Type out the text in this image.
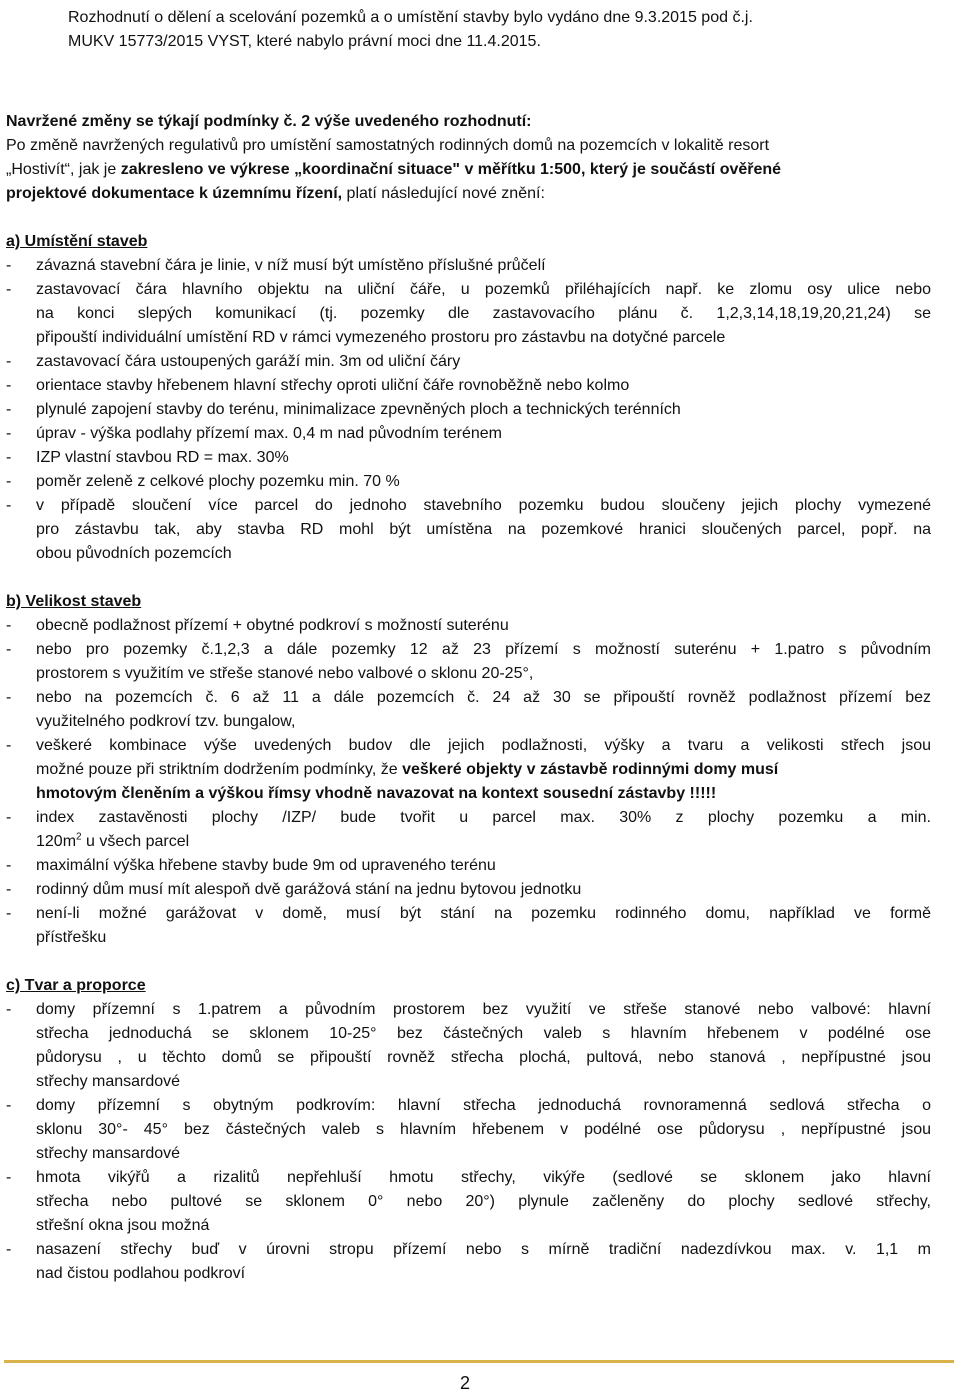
Rozhodnutí o dělení a scelování pozemků a o umístění stavby bylo vydáno dne 9.3.2015 pod č.j.
MUKV 15773/2015 VYST, které nabylo právní moci dne 11.4.2015.
Navržené změny se týkají podmínky č. 2 výše uvedeného rozhodnutí:
Po změně navržených regulativů pro umístění samostatných rodinných domů na pozemcích v lokalitě resort
„Hostivít“, jak je zakresleno ve výkrese „koordinační situace" v měřítku 1:500, který je součástí ověřené
projektové dokumentace k územnímu řízení, platí následující nové znění:
a) Umístění staveb
-	závazná stavební čára je linie, v níž musí být umístěno příslušné průčelí
-	zastavovací čára hlavního objektu na uliční čáře, u pozemků přiléhajících např. ke zlomu osy ulice nebo
na konci slepých komunikací (tj. pozemky dle zastavovacího plánu č. 1,2,3,14,18,19,20,21,24) se
připouští individuální umístění RD v rámci vymezeného prostoru pro zástavbu na dotyčné parcele
-	zastavovací čára ustoupených garáží min. 3m od uliční čáry
-	orientace stavby hřebenem hlavní střechy oproti uliční čáře rovnoběžně nebo kolmo
-	plynulé zapojení stavby do terénu, minimalizace zpevněných ploch a technických terénních
-	úprav - výška podlahy přízemí max. 0,4 m nad původním terénem
-	IZP vlastní stavbou RD = max. 30%
-	poměr zeleně z celkové plochy pozemku min. 70 %
-	v případě sloučení více parcel do jednoho stavebního pozemku budou sloučeny jejich plochy vymezené
pro zástavbu tak, aby stavba RD mohl být umístěna na pozemkové hranici sloučených parcel, popř. na
obou původních pozemcích
b) Velikost staveb
-	obecně podlažnost přízemí + obytné podkroví s možností suterénu
-	nebo pro pozemky č.1,2,3 a dále pozemky 12 až 23 přízemí s možností suterénu + 1.patro s původním
prostorem s využitím ve střeše stanové nebo valbové o sklonu 20-25°,
-	nebo na pozemcích č. 6 až 11 a dále pozemcích č. 24 až 30 se připouští rovněž podlažnost přízemí bez
využitelného podkroví tzv. bungalow,
-	veškeré kombinace výše uvedených budov dle jejich podlažnosti, výšky a tvaru a velikosti střech jsou
možné pouze při striktním dodržením podmínky, že veškeré objekty v zástavbě rodinnými domy musí
hmotovým členěním a výškou římsy vhodně navazovat na kontext sousední zástavby !!!!!
-	index zastavěnosti plochy /IZP/ bude tvořit u parcel max. 30% z plochy pozemku a min.
$120m^2$ u všech parcel
-	maximální výška hřebene stavby bude 9m od upraveného terénu
-	rodinný dům musí mít alespoň dvě garážová stání na jednu bytovou jednotku
-	není-li možné garážovat v domě, musí být stání na pozemku rodinného domu, například ve formě
přístřešku
c) Tvar a proporce
-	domy přízemní s 1.patrem a původním prostorem bez využití ve střeše stanové nebo valbové: hlavní
střecha jednoduchá se sklonem 10-25° bez částečných valeb s hlavním hřebenem v podélné ose
půdorysu , u těchto domů se připouští rovněž střecha plochá, pultová, nebo stanová , nepřípustné jsou
střechy mansardové
-	domy přízemní s obytným podkrovím: hlavní střecha jednoduchá rovnoramenná sedlová střecha o
sklonu 30°- 45° bez částečných valeb s hlavním hřebenem v podélné ose půdorysu , nepřípustné jsou
střechy mansardové
-	hmota vikýřů a rizalitů nepřehluší hmotu střechy, vikýře (sedlové se sklonem jako hlavní
střecha nebo pultové se sklonem 0° nebo 20°) plynule začleněny do plochy sedlové střechy,
střešní okna jsou možná
-	nasazení střechy buď v úrovni stropu přízemí nebo s mírně tradiční nadezdívkou max. v. 1,1 m
nad čistou podlahou podkroví
2
